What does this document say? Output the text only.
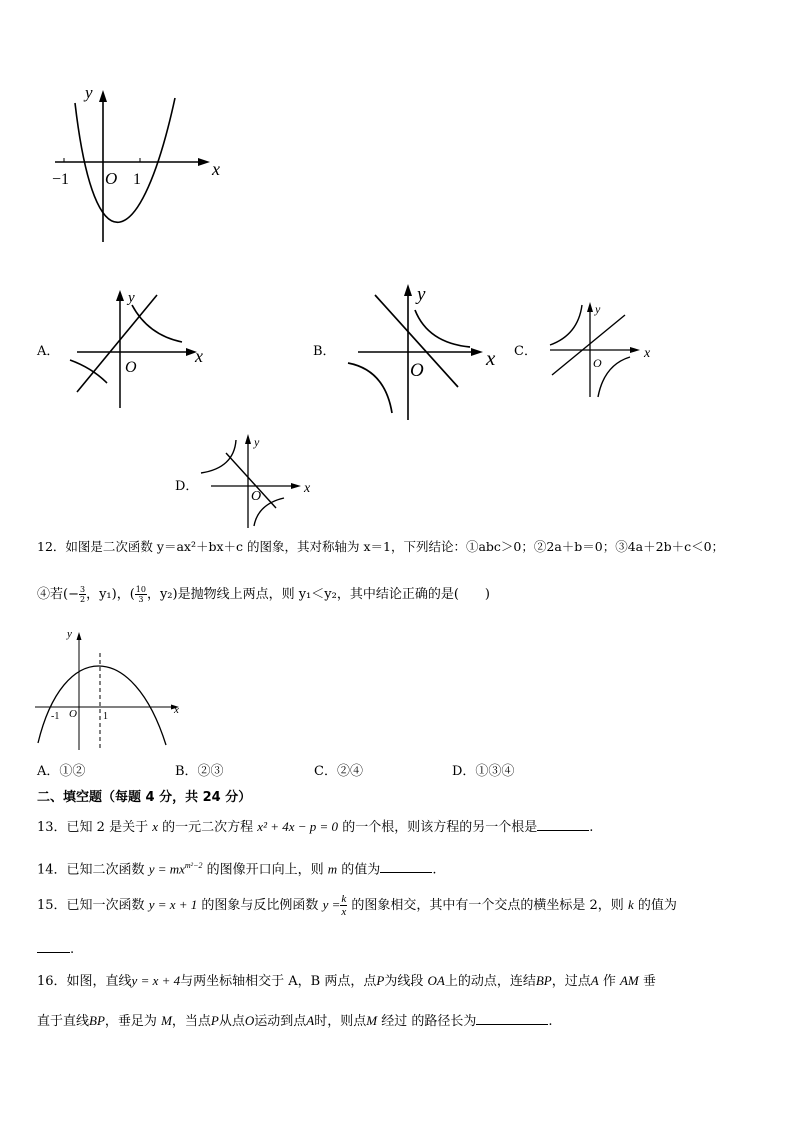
y
x
−1 O 1
A．
y
x
O
B．
y
x
O
C．
y
x
O
D．
y
x
O
12．如图是二次函数 y＝ax²＋bx＋c 的图象，其对称轴为 x＝1，下列结论：①abc＞0；②2a＋b＝0；③4a＋2b＋c＜0；
④若(− $\frac{3}{2}$ ，y₁)，( $\frac{10}{3}$ ，y₂)是抛物线上两点，则 y₁＜y₂，其中结论正确的是(　　)
y
x
-1 O	1
A．①②	B．②③	C．②④	D．①③④
二、填空题（每题 4 分，共 24 分）
13．已知 2 是关于 x 的一元二次方程 x² + 4x − p = 0 的一个根，则该方程的另一个根是	.
14．已知二次函数 $y = mx^{m^2-2}$ 的图像开口向上，则 m 的值为	.
15．已知一次函数 y = x + 1 的图象与反比例函数 $y = \frac{k}{x}$ 的图象相交，其中有一个交点的横坐标是 2，则 k 的值为
.
16．如图，直线y = x + 4与两坐标轴相交于 A，B 两点，点P为线段 OA上的动点，连结BP，过点A 作 AM 垂
直于直线BP，垂足为 M，当点P从点O运动到点A时，则点M 经过 的路径长为	.
